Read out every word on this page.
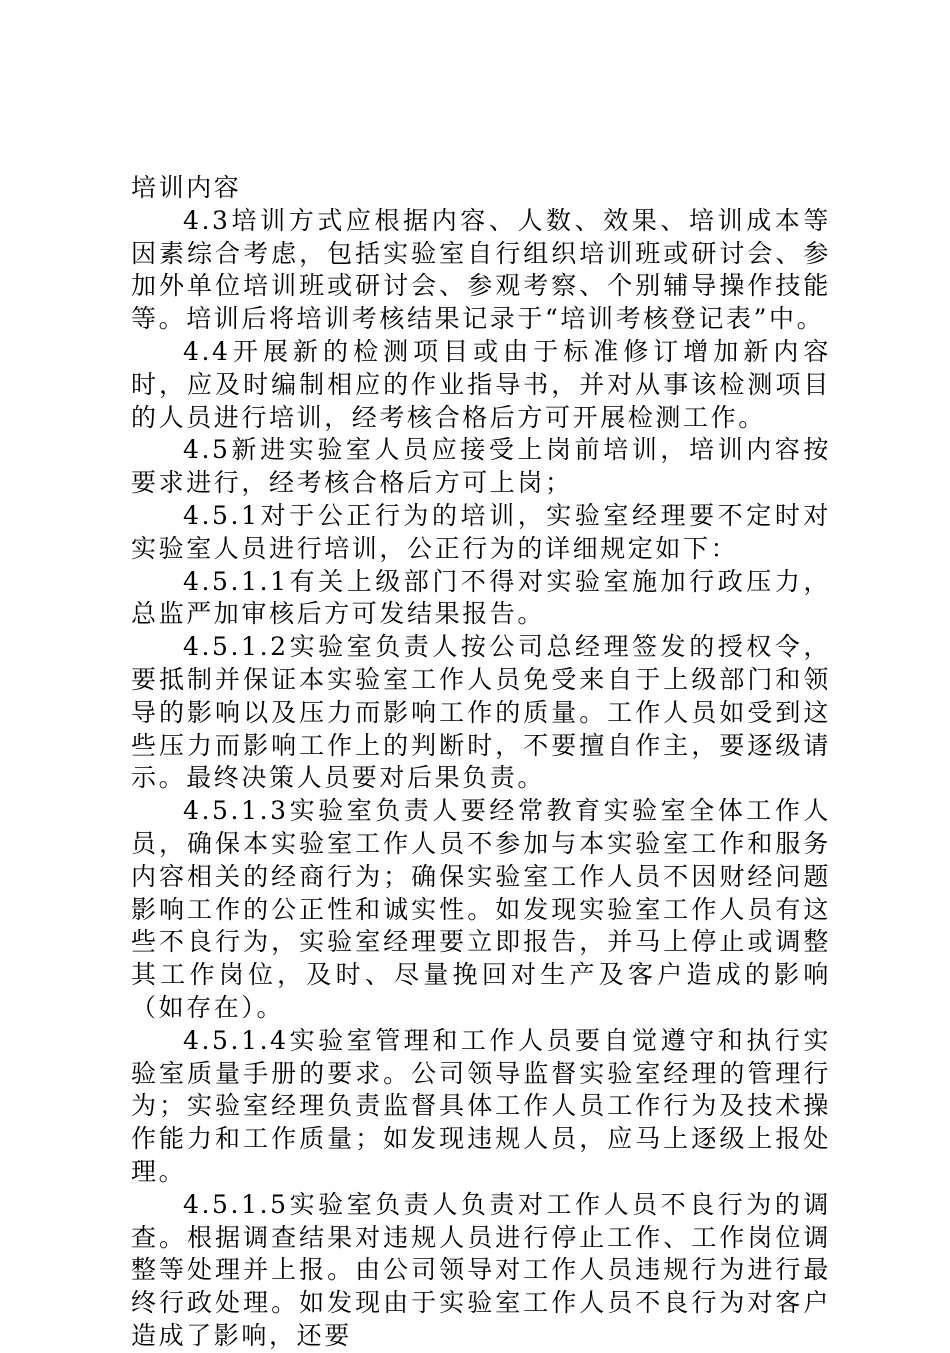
培训内容

4.3培训方式应根据内容、人数、效果、培训成本等因素综合考虑，包括实验室自行组织培训班或研讨会、参加外单位培训班或研讨会、参观考察、个别辅导操作技能等。培训后将培训考核结果记录于“培训考核登记表”中。

4.4开展新的检测项目或由于标准修订增加新内容时，应及时编制相应的作业指导书，并对从事该检测项目的人员进行培训，经考核合格后方可开展检测工作。

4.5新进实验室人员应接受上岗前培训，培训内容按要求进行，经考核合格后方可上岗；

4.5.1对于公正行为的培训，实验室经理要不定时对实验室人员进行培训，公正行为的详细规定如下：

4.5.1.1有关上级部门不得对实验室施加行政压力，总监严加审核后方可发结果报告。

4.5.1.2实验室负责人按公司总经理签发的授权令，要抵制并保证本实验室工作人员免受来自于上级部门和领导的影响以及压力而影响工作的质量。工作人员如受到这些压力而影响工作上的判断时，不要擅自作主，要逐级请示。最终决策人员要对后果负责。

4.5.1.3实验室负责人要经常教育实验室全体工作人员，确保本实验室工作人员不参加与本实验室工作和服务内容相关的经商行为；确保实验室工作人员不因财经问题影响工作的公正性和诚实性。如发现实验室工作人员有这些不良行为，实验室经理要立即报告，并马上停止或调整其工作岗位，及时、尽量挽回对生产及客户造成的影响（如存在）。

4.5.1.4实验室管理和工作人员要自觉遵守和执行实验室质量手册的要求。公司领导监督实验室经理的管理行为；实验室经理负责监督具体工作人员工作行为及技术操作能力和工作质量；如发现违规人员，应马上逐级上报处理。

4.5.1.5实验室负责人负责对工作人员不良行为的调查。根据调查结果对违规人员进行停止工作、工作岗位调整等处理并上报。由公司领导对工作人员违规行为进行最终行政处理。如发现由于实验室工作人员不良行为对客户造成了影响，还要
